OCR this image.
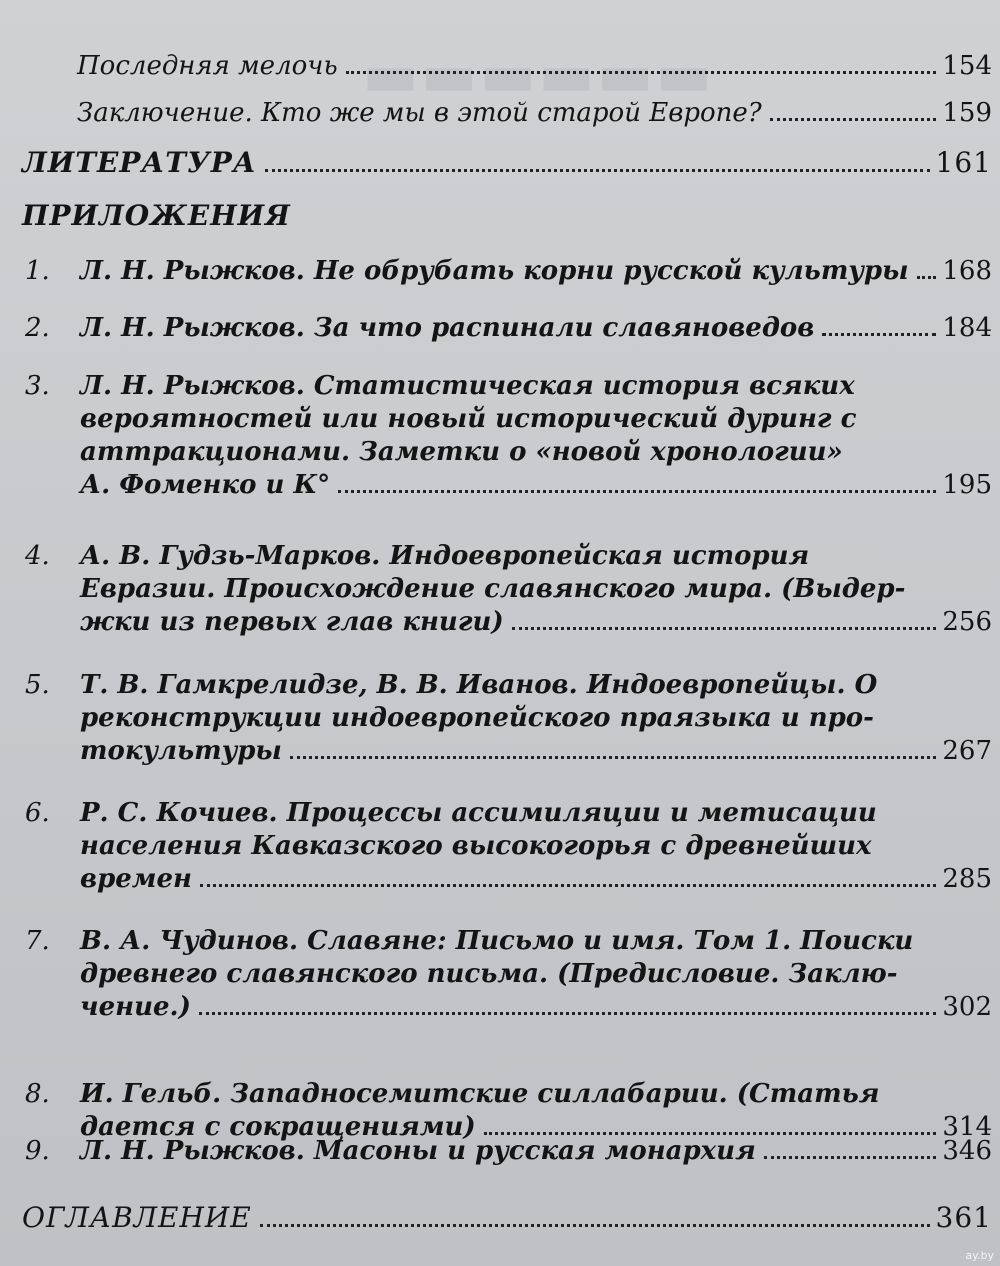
▬▬▬▬▬▬
Последняя мелочь	154
Заключение. Кто же мы в этой старой Европе?	159
ЛИТЕРАТУРА	161
ПРИЛОЖЕНИЯ
1. Л. Н. Рыжков. Не обрубать корни русской культуры 168
2. Л. Н. Рыжков. За что распинали славяноведов	184
3. Л. Н. Рыжков. Статистическая история всяких
вероятностей или новый исторический дуринг с
аттракционами. Заметки о «новой хронологии»
А. Фоменко и К°	195
4. А. В. Гудзь-Марков. Индоевропейская история
Евразии. Происхождение славянского мира. (Выдер-
жки из первых глав книги)	256
5. Т. В. Гамкрелидзе, В. В. Иванов. Индоевропейцы. О
реконструкции индоевропейского праязыка и про-
токультуры	267
6. Р. С. Кочиев. Процессы ассимиляции и метисации
населения Кавказского высокогорья с древнейших
времен	285
7. В. А. Чудинов. Славяне: Письмо и имя. Том 1. Поиски
древнего славянского письма. (Предисловие. Заклю-
чение.)	302
8. И. Гельб. Западносемитские силлабарии. (Статья
дается с сокращениями)	314
9. Л. Н. Рыжков. Масоны и русская монархия	346
ОГЛАВЛЕНИЕ	361
ay.by
